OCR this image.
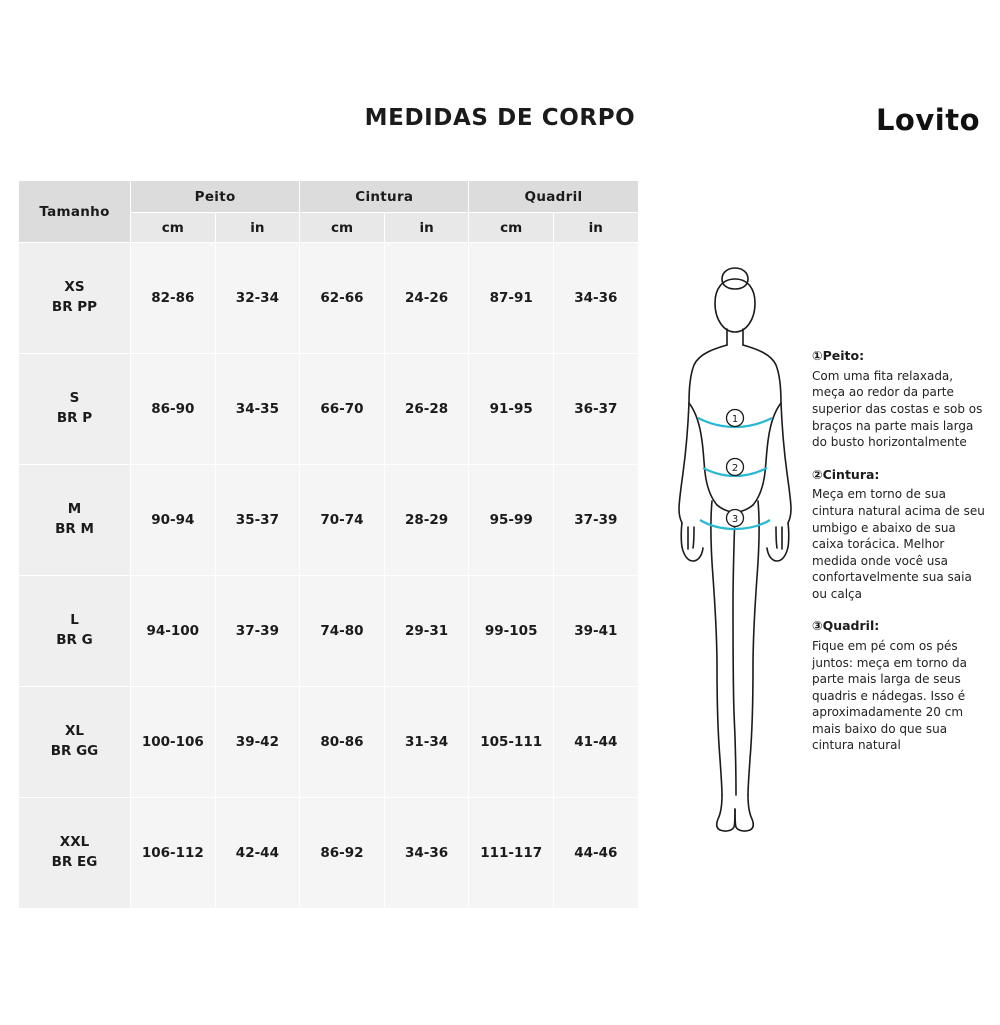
MEDIDAS DE CORPO	Lovito
Tamanho	Peito		Cintura		Quadril	
	cm	in	cm	in	cm	in

XS
BR PP	82-86	32-34	62-66	24-26	87-91	34-36

S
BR P	86-90	34-35	66-70	26-28	91-95	36-37

M
BR M	90-94	35-37	70-74	28-29	95-99	37-39

L
BR G	94-100	37-39	74-80	29-31	99-105	39-41

XL
BR GG	100-106	39-42	80-86	31-34	105-111	41-44

XXL
BR EG	106-112	42-44	86-92	34-36	111-117	44-46
1
2
3
①Peito:
Com uma fita relaxada, meça ao redor da parte superior das costas e sob os braços na parte mais larga do busto horizontalmente
②Cintura:
Meça em torno de sua cintura natural acima de seu umbigo e abaixo de sua caixa torácica. Melhor medida onde você usa confortavelmente sua saia ou calça
③Quadril:
Fique em pé com os pés juntos: meça em torno da parte mais larga de seus quadris e nádegas. Isso é aproximadamente 20 cm mais baixo do que sua cintura natural
